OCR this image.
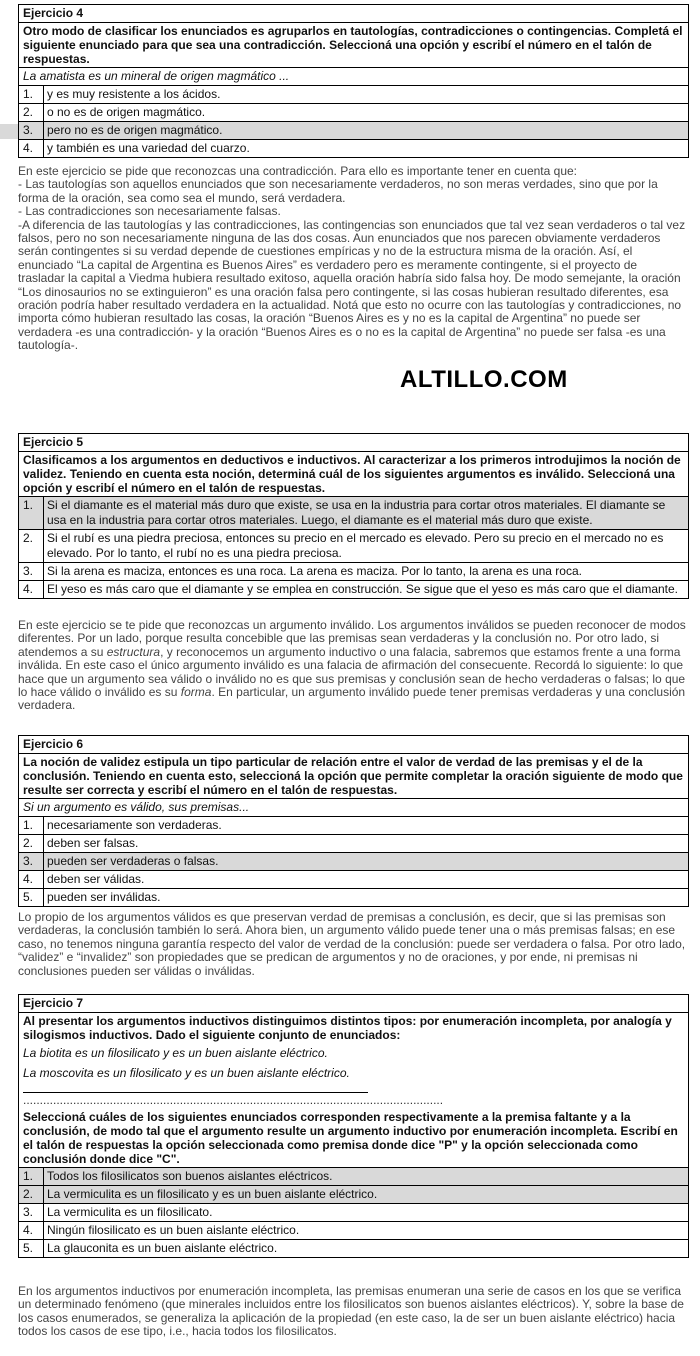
Ejercicio 4
Otro modo de clasificar los enunciados es agruparlos en tautologías, contradicciones o contingencias. Completá el siguiente enunciado para que sea una contradicción. Seleccioná una opción y escribí el número en el talón de respuestas.
La amatista es un mineral de origen magmático ...
1.	y es muy resistente a los ácidos.
2.	o no es de origen magmático.
3.	pero no es de origen magmático.
4.	y también es una variedad del cuarzo.

En este ejercicio se pide que reconozcas una contradicción. Para ello es importante tener en cuenta que:

- Las tautologías son aquellos enunciados que son necesariamente verdaderos, no son meras verdades, sino que por la forma de la oración, sea como sea el mundo, será verdadera.

- Las contradicciones son necesariamente falsas.

-A diferencia de las tautologías y las contradicciones, las contingencias son enunciados que tal vez sean verdaderos o tal vez falsos, pero no son necesariamente ninguna de las dos cosas. Aun enunciados que nos parecen obviamente verdaderos serán contingentes si su verdad depende de cuestiones empíricas y no de la estructura misma de la oración. Así, el enunciado “La capital de Argentina es Buenos Aires” es verdadero pero es meramente contingente, si el proyecto de trasladar la capital a Viedma hubiera resultado exitoso, aquella oración habría sido falsa hoy. De modo semejante, la oración “Los dinosaurios no se extinguieron” es una oración falsa pero contingente, si las cosas hubieran resultado diferentes, esa oración podría haber resultado verdadera en la actualidad. Notá que esto no ocurre con las tautologías y contradicciones, no importa cómo hubieran resultado las cosas, la oración “Buenos Aires es y no es la capital de Argentina” no puede ser verdadera -es una contradicción- y la oración “Buenos Aires es o no es la capital de Argentina” no puede ser falsa -es una tautología-.

ALTILLO.COM
Ejercicio 5
Clasificamos a los argumentos en deductivos e inductivos. Al caracterizar a los primeros introdujimos la noción de validez. Teniendo en cuenta esta noción, determiná cuál de los siguientes argumentos es inválido. Seleccioná una opción y escribí el número en el talón de respuestas.
1.	Si el diamante es el material más duro que existe, se usa en la industria para cortar otros materiales. El diamante se usa en la industria para cortar otros materiales. Luego, el diamante es el material más duro que existe.
2.	Si el rubí es una piedra preciosa, entonces su precio en el mercado es elevado. Pero su precio en el mercado no es elevado. Por lo tanto, el rubí no es una piedra preciosa.
3.	Si la arena es maciza, entonces es una roca. La arena es maciza. Por lo tanto, la arena es una roca.
4.	El yeso es más caro que el diamante y se emplea en construcción. Se sigue que el yeso es más caro que el diamante.

En este ejercicio se te pide que reconozcas un argumento inválido. Los argumentos inválidos se pueden reconocer de modos diferentes. Por un lado, porque resulta concebible que las premisas sean verdaderas y la conclusión no. Por otro lado, si atendemos a su estructura, y reconocemos un argumento inductivo o una falacia, sabremos que estamos frente a una forma inválida. En este caso el único argumento inválido es una falacia de afirmación del consecuente. Recordá lo siguiente: lo que hace que un argumento sea válido o inválido no es que sus premisas y conclusión sean de hecho verdaderas o falsas; lo que lo hace válido o inválido es su forma. En particular, un argumento inválido puede tener premisas verdaderas y una conclusión verdadera.

Ejercicio 6
La noción de validez estipula un tipo particular de relación entre el valor de verdad de las premisas y el de la conclusión. Teniendo en cuenta esto, seleccioná la opción que permite completar la oración siguiente de modo que resulte ser correcta y escribí el número en el talón de respuestas.
Si un argumento es válido, sus premisas...
1.	necesariamente son verdaderas.
2.	deben ser falsas.
3.	pueden ser verdaderas o falsas.
4.	deben ser válidas.
5.	pueden ser inválidas.

Lo propio de los argumentos válidos es que preservan verdad de premisas a conclusión, es decir, que si las premisas son verdaderas, la conclusión también lo será. Ahora bien, un argumento válido puede tener una o más premisas falsas; en ese caso, no tenemos ninguna garantía respecto del valor de verdad de la conclusión: puede ser verdadera o falsa. Por otro lado, “validez” e “invalidez” son propiedades que se predican de argumentos y no de oraciones, y por ende, ni premisas ni conclusiones pueden ser válidas o inválidas.

Ejercicio 7
Al presentar los argumentos inductivos distinguimos distintos tipos: por enumeración incompleta, por analogía y silogismos inductivos. Dado el siguiente conjunto de enunciados:
La biotita es un filosilicato y es un buen aislante eléctrico.
La moscovita es un filosilicato y es un buen aislante eléctrico.
..............................................................................................................................
Seleccioná cuáles de los siguientes enunciados corresponden respectivamente a la premisa faltante y a la conclusión, de modo tal que el argumento resulte un argumento inductivo por enumeración incompleta. Escribí en el talón de respuestas la opción seleccionada como premisa donde dice "P" y la opción seleccionada como conclusión donde dice "C".
1.	Todos los filosilicatos son buenos aislantes eléctricos.
2.	La vermiculita es un filosilicato y es un buen aislante eléctrico.
3.	La vermiculita es un filosilicato.
4.	Ningún filosilicato es un buen aislante eléctrico.
5.	La glauconita es un buen aislante eléctrico.

En los argumentos inductivos por enumeración incompleta, las premisas enumeran una serie de casos en los que se verifica un determinado fenómeno (que minerales incluidos entre los filosilicatos son buenos aislantes eléctricos). Y, sobre la base de los casos enumerados, se generaliza la aplicación de la propiedad (en este caso, la de ser un buen aislante eléctrico) hacia todos los casos de ese tipo, i.e., hacia todos los filosilicatos.
